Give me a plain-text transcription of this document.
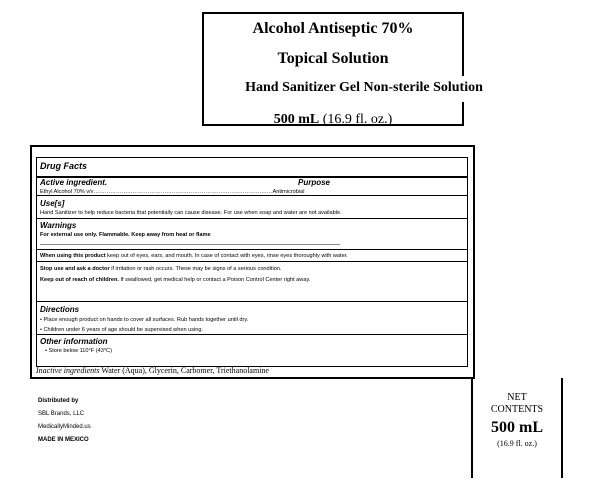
Alcohol Antiseptic 70%
Topical Solution
500 mL (16.9 fl. oz.)
Hand Sanitizer Gel Non-sterile Solution

Drug Facts

Active ingredient.	Purpose

Ethyl Alcohol 70% v/v……………………………………………………………………………………Antimicrobial

Use[s]

Hand Sanitizer to help reduce bacteria that potentially can cause disease. For use when soap and water are not available.

Warnings

For external use only. Flammable. Keep away from heat or flame

When using this product keep out of eyes, ears, and mouth. In case of contact with eyes, rinse eyes thoroughly with water.

Stop use and ask a doctor if irritation or rash occurs. These may be signs of a serious condition.

Keep out of reach of children. If swallowed, get medical help or contact a Poison Control Center right away.

Directions

• Place enough product on hands to cover all surfaces. Rub hands together until dry.

• Children under 6 years of age should be supervised when using.

Other information

• Store below 110°F (43°C)

Inactive ingredients Water (Aqua), Glycerin, Carbomer, Triethanolamine
Distributed by
SBL Brands, LLC
MedicallyMinded.us
MADE IN MEXICO
NET
CONTENTS
500 mL
(16.9 fl. oz.)
